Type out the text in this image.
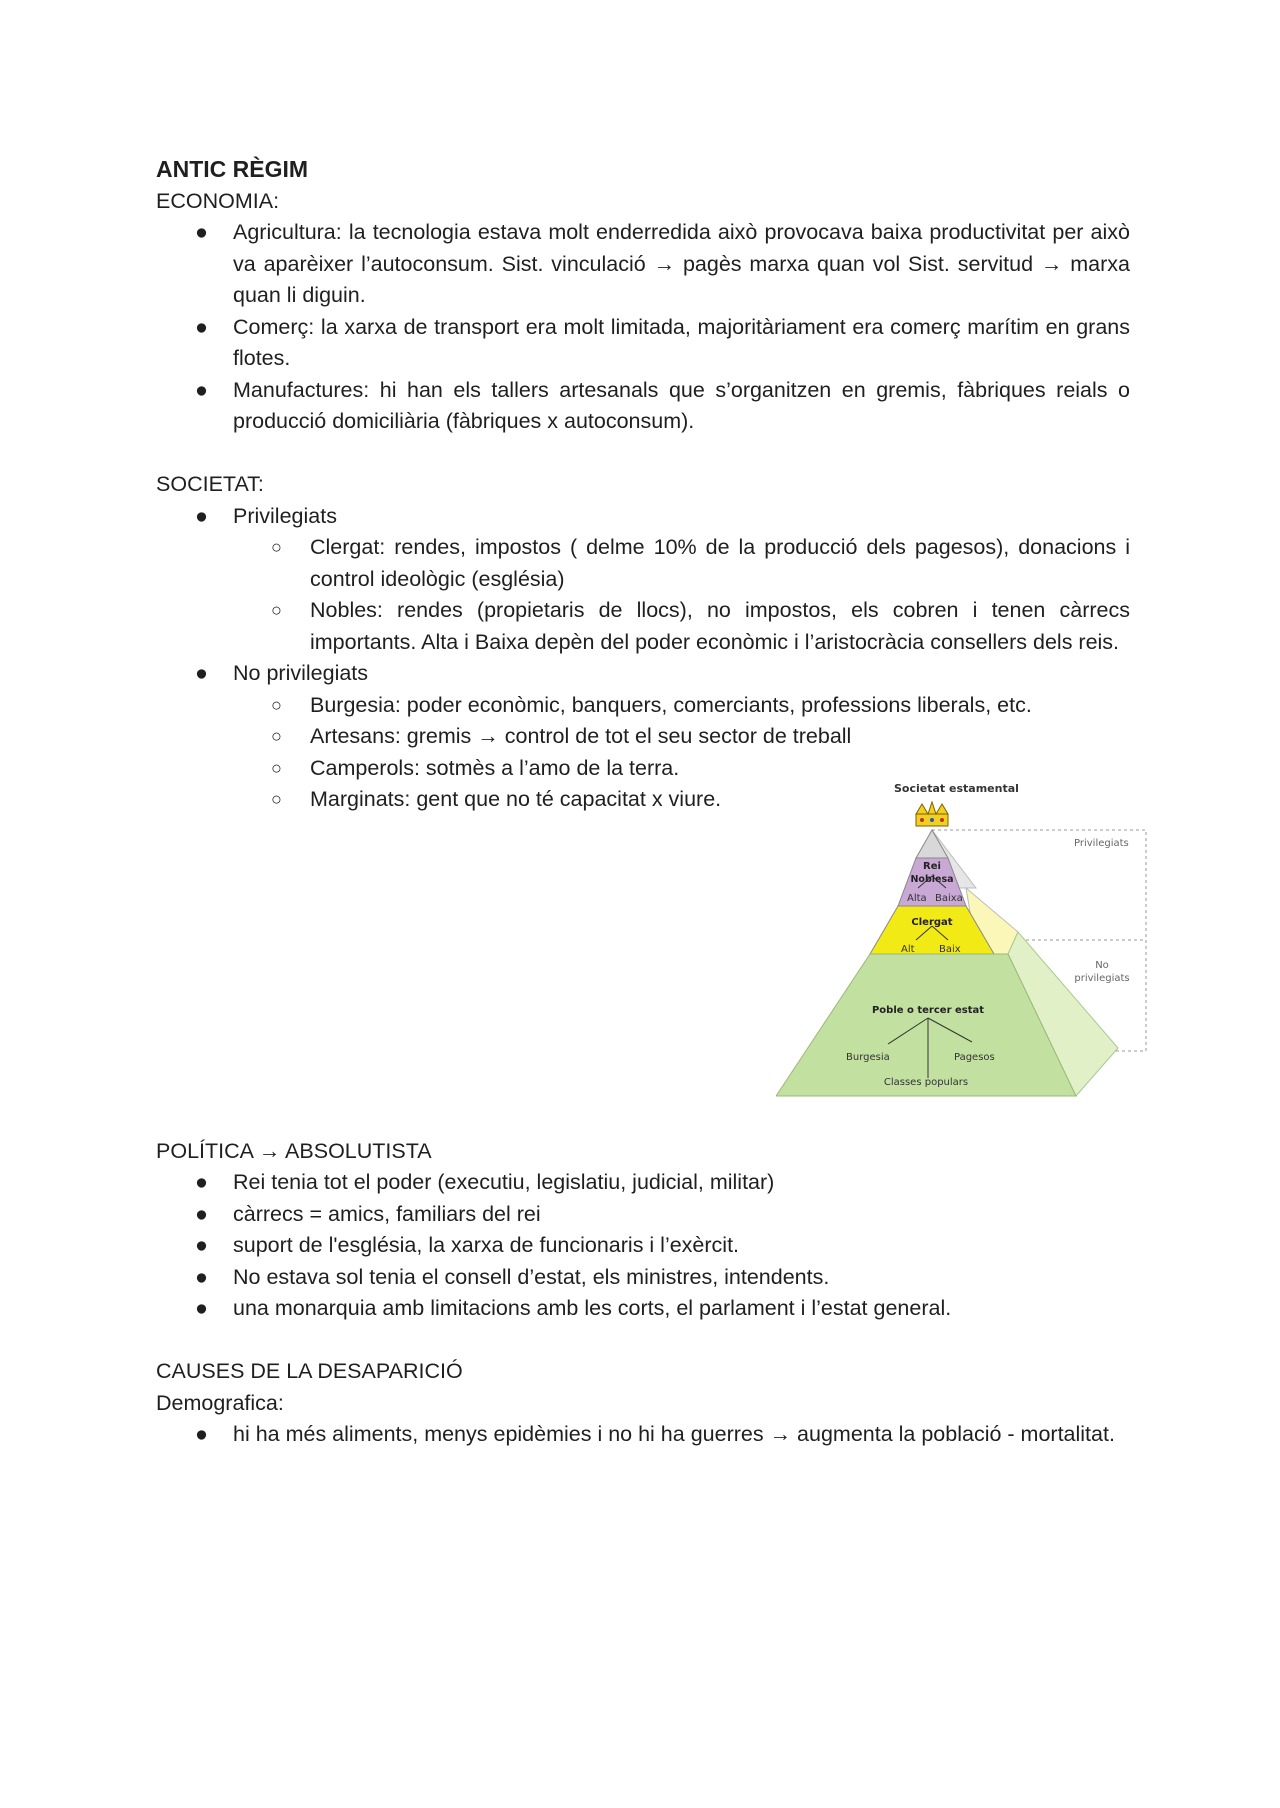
ANTIC RÈGIM

ECONOMIA:

●	Agricultura: la tecnologia estava molt enderredida això provocava baixa productivitat per això va aparèixer l’autoconsum. Sist. vinculació → pagès marxa quan vol Sist. servitud → marxa quan li diguin.
●	Comerç: la xarxa de transport era molt limitada, majoritàriament era comerç marítim en grans flotes.
●	Manufactures: hi han els tallers artesanals que s’organitzen en gremis, fàbriques reials o producció domiciliària (fàbriques x autoconsum).

SOCIETAT:

●	Privilegiats
○	Clergat: rendes, impostos ( delme 10% de la producció dels pagesos), donacions i control ideològic (església)
○	Nobles: rendes (propietaris de llocs), no impostos, els cobren i tenen càrrecs importants. Alta i Baixa depèn del poder econòmic i l’aristocràcia consellers dels reis.
●	No privilegiats
○	Burgesia: poder econòmic, banquers, comerciants, professions liberals, etc.
○	Artesans: gremis → control de tot el seu sector de treball
○	Camperols: sotmès a l’amo de la terra.
○	Marginats: gent que no té capacitat x viure.

POLÍTICA → ABSOLUTISTA

●	Rei tenia tot el poder (executiu, legislatiu, judicial, militar)
●	càrrecs = amics, familiars del rei
●	suport de l'església, la xarxa de funcionaris i l’exèrcit.
●	No estava sol tenia el consell d’estat, els ministres, intendents.
●	una monarquia amb limitacions amb les corts, el parlament i l’estat general.

CAUSES DE LA DESAPARICIÓ

Demografica:

●	hi ha més aliments, menys epidèmies i no hi ha guerres → augmenta la població - mortalitat.
Societat estamental
Privilegiats
No
privilegiats
Rei
Noblesa
Alta Baixa
Clergat
Alt Baix
Poble o tercer estat
Burgesia	Pagesos
Classes populars
